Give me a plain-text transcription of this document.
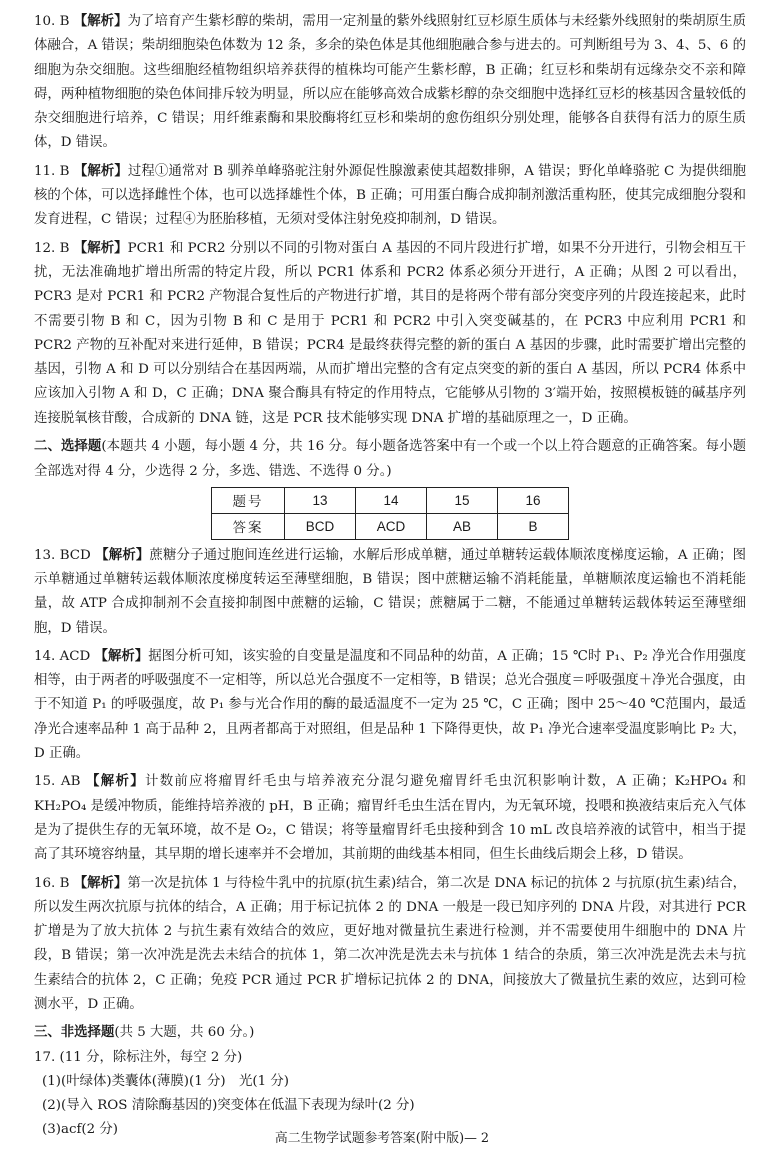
10. B 【解析】为了培育产生紫杉醇的柴胡，需用一定剂量的紫外线照射红豆杉原生质体与未经紫外线照射的柴胡原生质体融合，A 错误；柴胡细胞染色体数为 12 条，多余的染色体是其他细胞融合参与进去的。可判断组号为 3、4、5、6 的细胞为杂交细胞。这些细胞经植物组织培养获得的植株均可能产生紫杉醇，B 正确；红豆杉和柴胡有远缘杂交不亲和障碍，两种植物细胞的染色体间排斥较为明显，所以应在能够高效合成紫杉醇的杂交细胞中选择红豆杉的核基因含量较低的杂交细胞进行培养，C 错误；用纤维素酶和果胶酶将红豆杉和柴胡的愈伤组织分别处理，能够各自获得有活力的原生质体，D 错误。
11. B 【解析】过程①通常对 B 驯养单峰骆驼注射外源促性腺激素使其超数排卵，A 错误；野化单峰骆驼 C 为提供细胞核的个体，可以选择雌性个体，也可以选择雄性个体，B 正确；可用蛋白酶合成抑制剂激活重构胚，使其完成细胞分裂和发育进程，C 错误；过程④为胚胎移植，无须对受体注射免疫抑制剂，D 错误。
12. B 【解析】PCR1 和 PCR2 分别以不同的引物对蛋白 A 基因的不同片段进行扩增，如果不分开进行，引物会相互干扰，无法准确地扩增出所需的特定片段，所以 PCR1 体系和 PCR2 体系必须分开进行，A 正确；从图 2 可以看出，PCR3 是对 PCR1 和 PCR2 产物混合复性后的产物进行扩增，其目的是将两个带有部分突变序列的片段连接起来，此时不需要引物 B 和 C，因为引物 B 和 C 是用于 PCR1 和 PCR2 中引入突变碱基的，在 PCR3 中应利用 PCR1 和 PCR2 产物的互补配对来进行延伸，B 错误；PCR4 是最终获得完整的新的蛋白 A 基因的步骤，此时需要扩增出完整的基因，引物 A 和 D 可以分别结合在基因两端，从而扩增出完整的含有定点突变的新的蛋白 A 基因，所以 PCR4 体系中应该加入引物 A 和 D，C 正确；DNA 聚合酶具有特定的作用特点，它能够从引物的 3′端开始，按照模板链的碱基序列连接脱氧核苷酸，合成新的 DNA 链，这是 PCR 技术能够实现 DNA 扩增的基础原理之一，D 正确。
二、选择题(本题共 4 小题，每小题 4 分，共 16 分。每小题备选答案中有一个或一个以上符合题意的正确答案。每小题全部选对得 4 分，少选得 2 分，多选、错选、不选得 0 分。)
题号	13	14	15	16
答案	BCD	ACD	AB	B
13. BCD 【解析】蔗糖分子通过胞间连丝进行运输，水解后形成单糖，通过单糖转运载体顺浓度梯度运输，A 正确；图示单糖通过单糖转运载体顺浓度梯度转运至薄壁细胞，B 错误；图中蔗糖运输不消耗能量，单糖顺浓度运输也不消耗能量，故 ATP 合成抑制剂不会直接抑制图中蔗糖的运输，C 错误；蔗糖属于二糖，不能通过单糖转运载体转运至薄壁细胞，D 错误。
14. ACD 【解析】据图分析可知，该实验的自变量是温度和不同品种的幼苗，A 正确；15 ℃时 P₁、P₂ 净光合作用强度相等，由于两者的呼吸强度不一定相等，所以总光合强度不一定相等，B 错误；总光合强度＝呼吸强度＋净光合强度，由于不知道 P₁ 的呼吸强度，故 P₁ 参与光合作用的酶的最适温度不一定为 25 ℃，C 正确；图中 25～40 ℃范围内，最适净光合速率品种 1 高于品种 2，且两者都高于对照组，但是品种 1 下降得更快，故 P₁ 净光合速率受温度影响比 P₂ 大，D 正确。
15. AB 【解析】计数前应将瘤胃纤毛虫与培养液充分混匀避免瘤胃纤毛虫沉积影响计数，A 正确；K₂HPO₄ 和 KH₂PO₄ 是缓冲物质，能维持培养液的 pH，B 正确；瘤胃纤毛虫生活在胃内，为无氧环境，投喂和换液结束后充入气体是为了提供生存的无氧环境，故不是 O₂，C 错误；将等量瘤胃纤毛虫接种到含 10 mL 改良培养液的试管中，相当于提高了其环境容纳量，其早期的增长速率并不会增加，其前期的曲线基本相同，但生长曲线后期会上移，D 错误。
16. B 【解析】第一次是抗体 1 与待检牛乳中的抗原(抗生素)结合，第二次是 DNA 标记的抗体 2 与抗原(抗生素)结合，所以发生两次抗原与抗体的结合，A 正确；用于标记抗体 2 的 DNA 一般是一段已知序列的 DNA 片段，对其进行 PCR 扩增是为了放大抗体 2 与抗生素有效结合的效应，更好地对微量抗生素进行检测，并不需要使用牛细胞中的 DNA 片段，B 错误；第一次冲洗是洗去未结合的抗体 1，第二次冲洗是洗去未与抗体 1 结合的杂质，第三次冲洗是洗去未与抗生素结合的抗体 2，C 正确；免疫 PCR 通过 PCR 扩增标记抗体 2 的 DNA，间接放大了微量抗生素的效应，达到可检测水平，D 正确。
三、非选择题(共 5 大题，共 60 分。)
17. (11 分，除标注外，每空 2 分)
(1)(叶绿体)类囊体(薄膜)(1 分)　光(1 分)
(2)(导入 ROS 清除酶基因的)突变体在低温下表现为绿叶(2 分)
(3)acf(2 分)
高二生物学试题参考答案(附中版)— 2
